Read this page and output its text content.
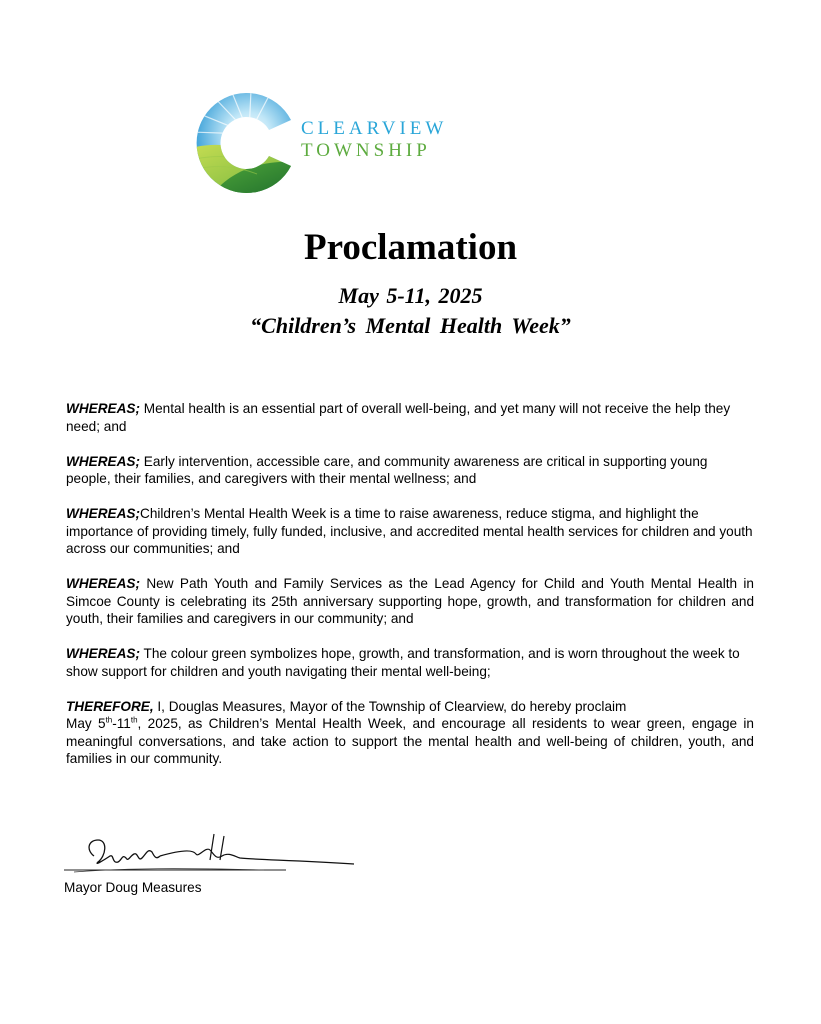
CLEARVIEW
TOWNSHIP
Proclamation
May 5-11, 2025
“Children’s Mental Health Week”

WHEREAS; Mental health is an essential part of overall well-being, and yet many will not receive the help they need; and

WHEREAS; Early intervention, accessible care, and community awareness are critical in supporting young people, their families, and caregivers with their mental wellness; and

WHEREAS;Children’s Mental Health Week is a time to raise awareness, reduce stigma, and highlight the importance of providing timely, fully funded, inclusive, and accredited mental health services for children and youth across our communities; and

WHEREAS; New Path Youth and Family Services as the Lead Agency for Child and Youth Mental Health in Simcoe County is celebrating its 25th anniversary supporting hope, growth, and transformation for children and youth, their families and caregivers in our community; and

WHEREAS; The colour green symbolizes hope, growth, and transformation, and is worn throughout the week to show support for children and youth navigating their mental well-being;

THEREFORE, I, Douglas Measures, Mayor of the Township of Clearview, do hereby proclaim
May 5th-11th, 2025, as Children’s Mental Health Week, and encourage all residents to wear green, engage in meaningful conversations, and take action to support the mental health and well-being of children, youth, and families in our community.

Mayor Doug Measures
